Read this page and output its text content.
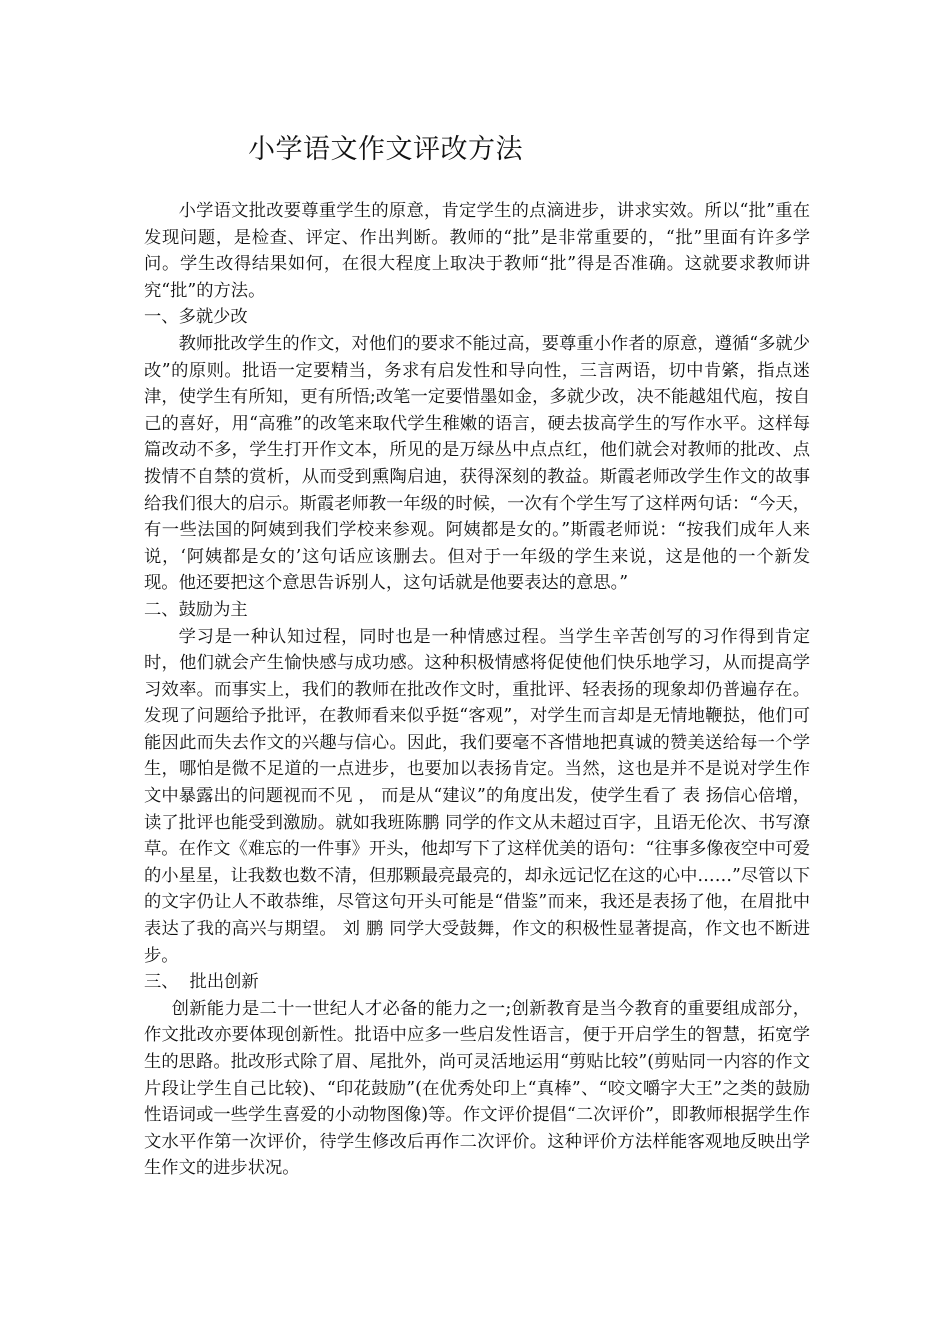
小学语文作文评改方法

小学语文批改要尊重学生的原意，肯定学生的点滴进步，讲求实效。所以“批”重在发现问题，是检查、评定、作出判断。教师的“批”是非常重要的，“批”里面有许多学问。学生改得结果如何，在很大程度上取决于教师“批”得是否准确。这就要求教师讲究“批”的方法。

一、多就少改

教师批改学生的作文，对他们的要求不能过高，要尊重小作者的原意，遵循“多就少改”的原则。批语一定要精当，务求有启发性和导向性，三言两语，切中肯綮，指点迷津，使学生有所知，更有所悟;改笔一定要惜墨如金，多就少改，决不能越俎代庖，按自己的喜好，用“高雅”的改笔来取代学生稚嫩的语言，硬去拔高学生的写作水平。这样每篇改动不多，学生打开作文本，所见的是万绿丛中点点红，他们就会对教师的批改、点拨情不自禁的赏析，从而受到熏陶启迪，获得深刻的教益。斯霞老师改学生作文的故事给我们很大的启示。斯霞老师教一年级的时候，一次有个学生写了这样两句话：“今天，有一些法国的阿姨到我们学校来参观。阿姨都是女的。”斯霞老师说：“按我们成年人来说，‘阿姨都是女的’这句话应该删去。但对于一年级的学生来说，这是他的一个新发现。他还要把这个意思告诉别人，这句话就是他要表达的意思。”

二、鼓励为主

学习是一种认知过程，同时也是一种情感过程。当学生辛苦创写的习作得到肯定时，他们就会产生愉快感与成功感。这种积极情感将促使他们快乐地学习，从而提高学习效率。而事实上，我们的教师在批改作文时，重批评、轻表扬的现象却仍普遍存在。发现了问题给予批评，在教师看来似乎挺“客观”，对学生而言却是无情地鞭挞，他们可能因此而失去作文的兴趣与信心。因此，我们要毫不吝惜地把真诚的赞美送给每一个学生，哪怕是微不足道的一点进步，也要加以表扬肯定。当然，这也是并不是说对学生作文中暴露出的问题视而不见 ， 而是从“建议”的角度出发，使学生看了 表 扬信心倍增，读了批评也能受到激励。就如我班陈鹏 同学的作文从未超过百字，且语无伦次、书写潦草。在作文《难忘的一件事》开头，他却写下了这样优美的语句：“往事多像夜空中可爱的小星星，让我数也数不清，但那颗最亮最亮的，却永远记忆在这的心中……”尽管以下的文字仍让人不敢恭维，尽管这句开头可能是“借鉴”而来，我还是表扬了他，在眉批中表达了我的高兴与期望。 刘 鹏 同学大受鼓舞，作文的积极性显著提高，作文也不断进步。

三、  批出创新

创新能力是二十一世纪人才必备的能力之一;创新教育是当今教育的重要组成部分，作文批改亦要体现创新性。批语中应多一些启发性语言，便于开启学生的智慧，拓宽学生的思路。批改形式除了眉、尾批外，尚可灵活地运用“剪贴比较”(剪贴同一内容的作文片段让学生自己比较)、“印花鼓励”(在优秀处印上“真棒”、“咬文嚼字大王”之类的鼓励性语词或一些学生喜爱的小动物图像)等。作文评价提倡“二次评价”，即教师根据学生作文水平作第一次评价，待学生修改后再作二次评价。这种评价方法样能客观地反映出学生作文的进步状况。
